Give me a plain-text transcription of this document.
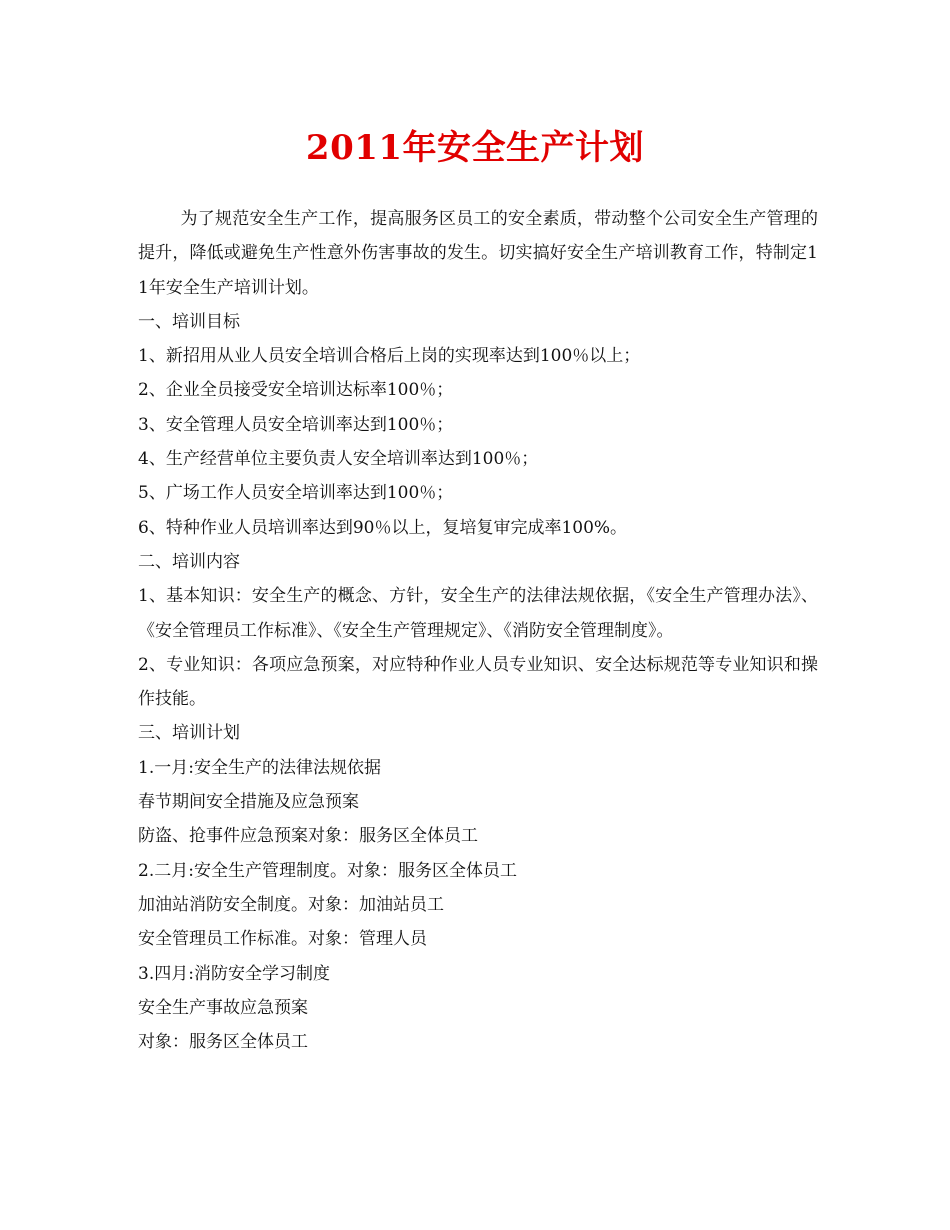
2011年安全生产计划

为了规范安全生产工作，提高服务区员工的安全素质，带动整个公司安全生产管理的提升，降低或避免生产性意外伤害事故的发生。切实搞好安全生产培训教育工作，特制定11年安全生产培训计划。

一、培训目标

1、新招用从业人员安全培训合格后上岗的实现率达到100％以上；

2、企业全员接受安全培训达标率100％；

3、安全管理人员安全培训率达到100％；

4、生产经营单位主要负责人安全培训率达到100％；

5、广场工作人员安全培训率达到100％；

6、特种作业人员培训率达到90％以上，复培复审完成率100%。

二、培训内容

1、基本知识：安全生产的概念、方针，安全生产的法律法规依据，《安全生产管理办法》、《安全管理员工作标准》、《安全生产管理规定》、《消防安全管理制度》。

2、专业知识：各项应急预案，对应特种作业人员专业知识、安全达标规范等专业知识和操作技能。

三、培训计划

1.一月:安全生产的法律法规依据

春节期间安全措施及应急预案

防盗、抢事件应急预案对象：服务区全体员工

2.二月:安全生产管理制度。对象：服务区全体员工

加油站消防安全制度。对象：加油站员工

安全管理员工作标准。对象：管理人员

3.四月:消防安全学习制度

安全生产事故应急预案

对象：服务区全体员工
